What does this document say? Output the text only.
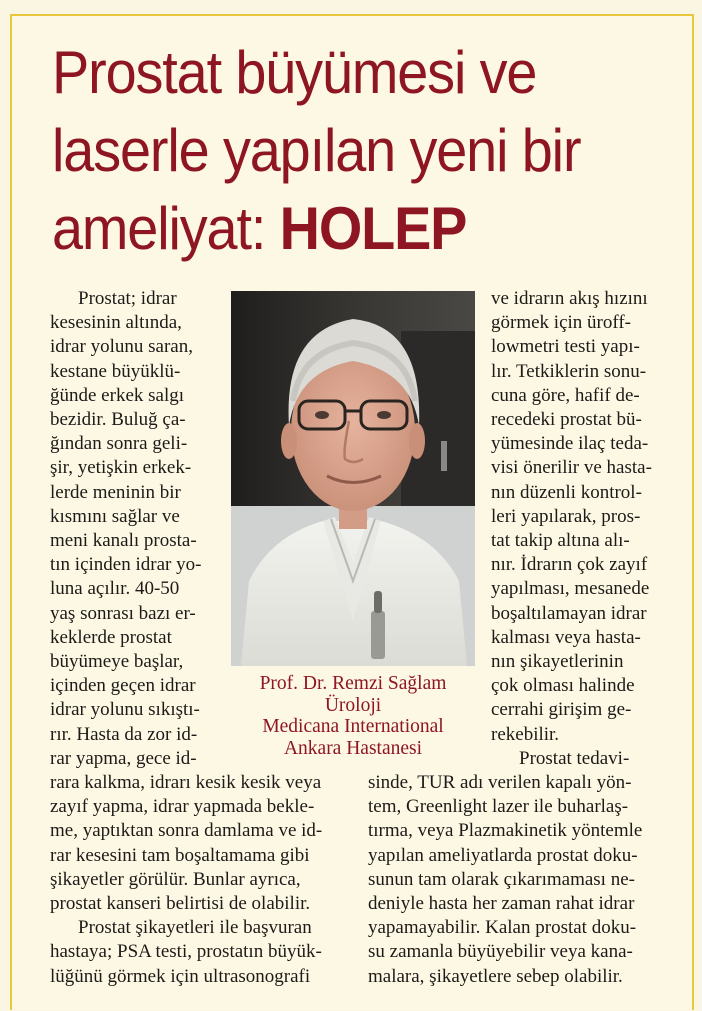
Prostat büyümesi ve
laserle yapılan yeni bir
ameliyat: HOLEP
Prostat; idrar
kesesinin altında,
idrar yolunu saran,
kestane büyüklü-
ğünde erkek salgı
bezidir. Buluğ ça-
ğından sonra geli-
şir, yetişkin erkek-
lerde meninin bir
kısmını sağlar ve
meni kanalı prosta-
tın içinden idrar yo-
luna açılır. 40-50
yaş sonrası bazı er-
keklerde prostat
büyümeye başlar,
içinden geçen idrar
idrar yolunu sıkıştı-
rır. Hasta da zor id-
rar yapma, gece id-
Prof. Dr. Remzi Sağlam
Üroloji
Medicana International
Ankara Hastanesi
ve idrarın akış hızını
görmek için üroff-
lowmetri testi yapı-
lır. Tetkiklerin sonu-
cuna göre, hafif de-
recedeki prostat bü-
yümesinde ilaç teda-
visi önerilir ve hasta-
nın düzenli kontrol-
leri yapılarak, pros-
tat takip altına alı-
nır. İdrarın çok zayıf
yapılması, mesanede
boşaltılamayan idrar
kalması veya hasta-
nın şikayetlerinin
çok olması halinde
cerrahi girişim ge-
rekebilir.
Prostat tedavi-
rara kalkma, idrarı kesik kesik veya
zayıf yapma, idrar yapmada bekle-
me, yaptıktan sonra damlama ve id-
rar kesesini tam boşaltamama gibi
şikayetler görülür. Bunlar ayrıca,
prostat kanseri belirtisi de olabilir.
Prostat şikayetleri ile başvuran
hastaya; PSA testi, prostatın büyük-
lüğünü görmek için ultrasonografi
sinde, TUR adı verilen kapalı yön-
tem, Greenlight lazer ile buharlaş-
tırma, veya Plazmakinetik yöntemle
yapılan ameliyatlarda prostat doku-
sunun tam olarak çıkarımaması ne-
deniyle hasta her zaman rahat idrar
yapamayabilir. Kalan prostat doku-
su zamanla büyüyebilir veya kana-
malara, şikayetlere sebep olabilir.
